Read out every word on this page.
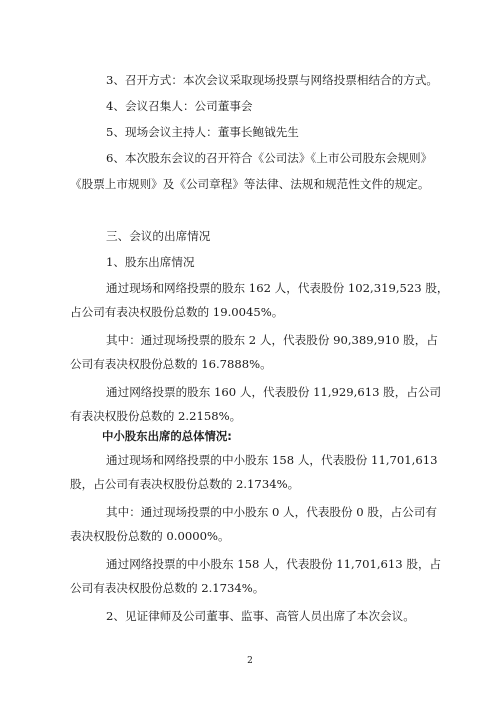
3、召开方式：本次会议采取现场投票与网络投票相结合的方式。
4、会议召集人：公司董事会
5、现场会议主持人：董事长鲍钺先生
6、本次股东会议的召开符合《公司法》《上市公司股东会规则》
《股票上市规则》及《公司章程》等法律、法规和规范性文件的规定。
三、会议的出席情况
1、股东出席情况
通过现场和网络投票的股东 162 人，代表股份 102,319,523 股，
占公司有表决权股份总数的 19.0045%。
其中：通过现场投票的股东 2 人，代表股份 90,389,910 股，占
公司有表决权股份总数的 16.7888%。
通过网络投票的股东 160 人，代表股份 11,929,613 股，占公司
有表决权股份总数的 2.2158%。
中小股东出席的总体情况:
通过现场和网络投票的中小股东 158 人，代表股份 11,701,613
股，占公司有表决权股份总数的 2.1734%。
其中：通过现场投票的中小股东 0 人，代表股份 0 股，占公司有
表决权股份总数的 0.0000%。
通过网络投票的中小股东 158 人，代表股份 11,701,613 股，占
公司有表决权股份总数的 2.1734%。
2、见证律师及公司董事、监事、高管人员出席了本次会议。
2
